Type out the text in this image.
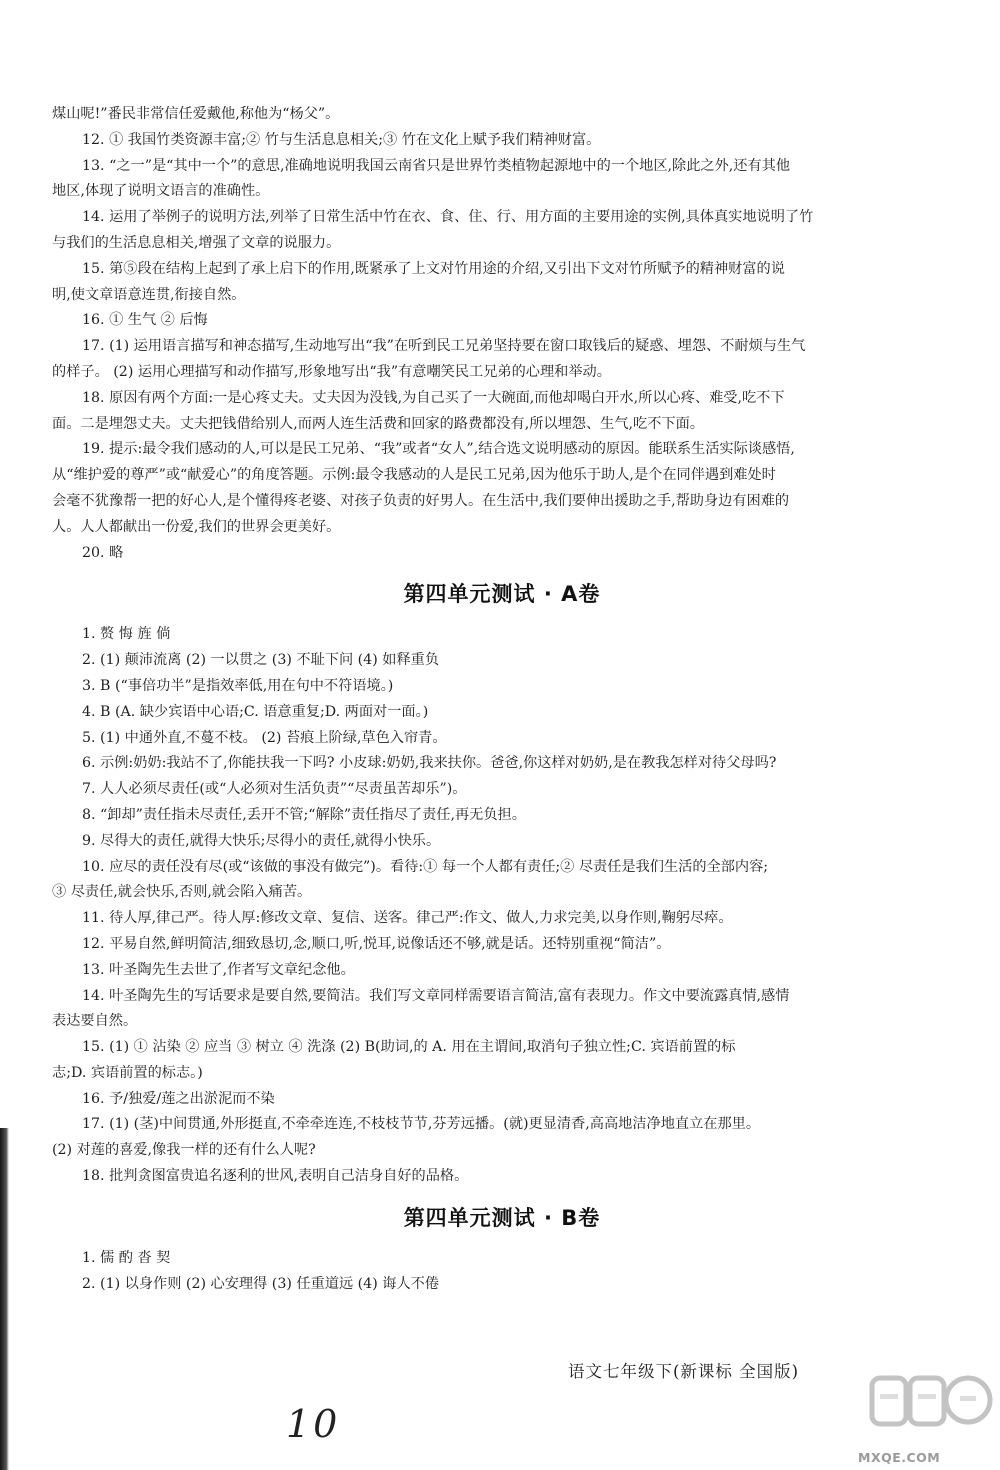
煤山呢!”番民非常信任爱戴他,称他为“杨父”。
12. ① 我国竹类资源丰富;② 竹与生活息息相关;③ 竹在文化上赋予我们精神财富。
13. “之一”是“其中一个”的意思,准确地说明我国云南省只是世界竹类植物起源地中的一个地区,除此之外,还有其他
地区,体现了说明文语言的准确性。
14. 运用了举例子的说明方法,列举了日常生活中竹在衣、食、住、行、用方面的主要用途的实例,具体真实地说明了竹
与我们的生活息息相关,增强了文章的说服力。
15. 第⑤段在结构上起到了承上启下的作用,既紧承了上文对竹用途的介绍,又引出下文对竹所赋予的精神财富的说
明,使文章语意连贯,衔接自然。
16. ① 生气 ② 后悔
17. (1) 运用语言描写和神态描写,生动地写出“我”在听到民工兄弟坚持要在窗口取钱后的疑惑、埋怨、不耐烦与生气
的样子。 (2) 运用心理描写和动作描写,形象地写出“我”有意嘲笑民工兄弟的心理和举动。
18. 原因有两个方面:一是心疼丈夫。丈夫因为没钱,为自己买了一大碗面,而他却喝白开水,所以心疼、难受,吃不下
面。二是埋怨丈夫。丈夫把钱借给别人,而两人连生活费和回家的路费都没有,所以埋怨、生气,吃不下面。
19. 提示:最令我们感动的人,可以是民工兄弟、“我”或者“女人”,结合选文说明感动的原因。能联系生活实际谈感悟,
从“维护爱的尊严”或“献爱心”的角度答题。示例:最令我感动的人是民工兄弟,因为他乐于助人,是个在同伴遇到难处时
会毫不犹豫帮一把的好心人,是个懂得疼老婆、对孩子负责的好男人。在生活中,我们要伸出援助之手,帮助身边有困难的
人。人人都献出一份爱,我们的世界会更美好。
20. 略
第四单元测试 · A卷
1. 赘 悔 旌 倘
2. (1) 颠沛流离 (2) 一以贯之 (3) 不耻下问 (4) 如释重负
3. B (“事倍功半”是指效率低,用在句中不符语境。)
4. B (A. 缺少宾语中心语;C. 语意重复;D. 两面对一面。)
5. (1) 中通外直,不蔓不枝。 (2) 苔痕上阶绿,草色入帘青。
6. 示例:奶奶:我站不了,你能扶我一下吗? 小皮球:奶奶,我来扶你。爸爸,你这样对奶奶,是在教我怎样对待父母吗?
7. 人人必须尽责任(或“人必须对生活负责”“尽责虽苦却乐”)。
8. “卸却”责任指未尽责任,丢开不管;“解除”责任指尽了责任,再无负担。
9. 尽得大的责任,就得大快乐;尽得小的责任,就得小快乐。
10. 应尽的责任没有尽(或“该做的事没有做完”)。看待:① 每一个人都有责任;② 尽责任是我们生活的全部内容;
③ 尽责任,就会快乐,否则,就会陷入痛苦。
11. 待人厚,律己严。待人厚:修改文章、复信、送客。律己严:作文、做人,力求完美,以身作则,鞠躬尽瘁。
12. 平易自然,鲜明简洁,细致恳切,念,顺口,听,悦耳,说像话还不够,就是话。还特别重视“简洁”。
13. 叶圣陶先生去世了,作者写文章纪念他。
14. 叶圣陶先生的写话要求是要自然,要简洁。我们写文章同样需要语言简洁,富有表现力。作文中要流露真情,感情
表达要自然。
15. (1) ① 沾染 ② 应当 ③ 树立 ④ 洗涤 (2) B(助词,的 A. 用在主谓间,取消句子独立性;C. 宾语前置的标
志;D. 宾语前置的标志。)
16. 予/独爱/莲之出淤泥而不染
17. (1) (茎)中间贯通,外形挺直,不牵牵连连,不枝枝节节,芬芳远播。(就)更显清香,高高地洁净地直立在那里。
(2) 对莲的喜爱,像我一样的还有什么人呢?
18. 批判贪图富贵追名逐利的世风,表明自己洁身自好的品格。
第四单元测试 · B卷
1. 儒 酌 沓 契
2. (1) 以身作则 (2) 心安理得 (3) 任重道远 (4) 诲人不倦
语文七年级下(新课标 全国版)
10
MXQE.COM
